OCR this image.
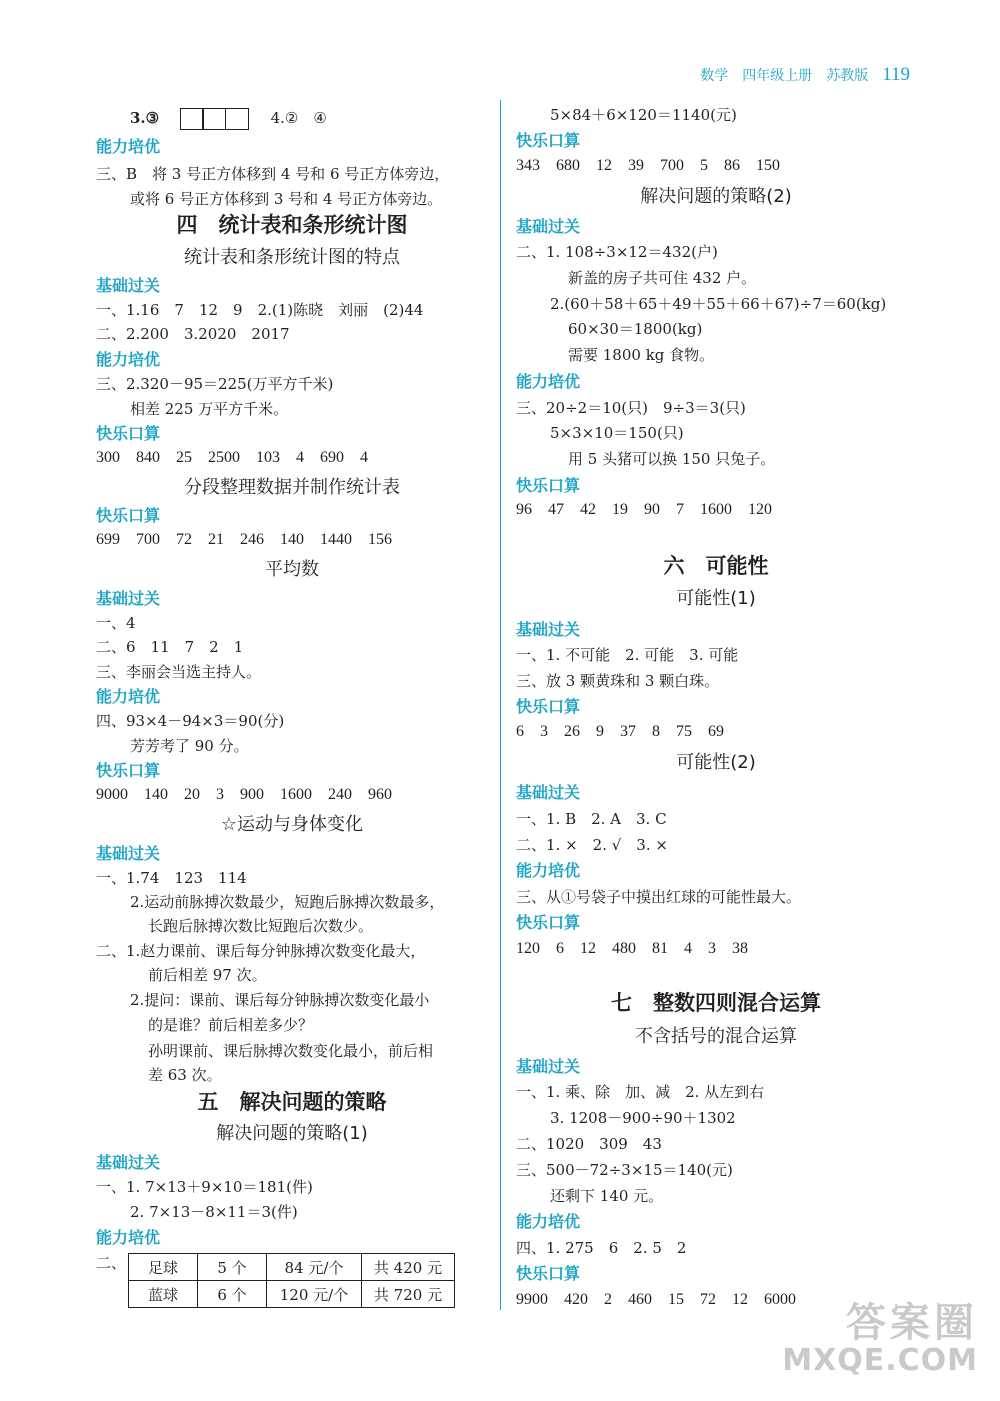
数学 四年级上册 苏教版 119
3.③	4.②　④
能力培优
三、B　将 3 号正方体移到 4 号和 6 号正方体旁边，
或将 6 号正方体移到 3 号和 4 号正方体旁边。
四　统计表和条形统计图
统计表和条形统计图的特点
基础过关
一、1.16　7　12　9　2.(1)陈晓　刘丽　(2)44
二、2.200　3.2020　2017
能力培优
三、2.320－95＝225(万平方千米)
相差 225 万平方千米。
快乐口算
300　840　25　2500　103　4　690　4
分段整理数据并制作统计表
快乐口算
699　700　72　21　246　140　1440　156
平均数
基础过关
一、4
二、6　11　7　2　1
三、李丽会当选主持人。
能力培优
四、93×4－94×3＝90(分)
芳芳考了 90 分。
快乐口算
9000　140　20　3　900　1600　240　960
☆运动与身体变化
基础过关
一、1.74　123　114
2.运动前脉搏次数最少，短跑后脉搏次数最多，
长跑后脉搏次数比短跑后次数少。
二、1.赵力课前、课后每分钟脉搏次数变化最大，
前后相差 97 次。
2.提问：课前、课后每分钟脉搏次数变化最小
的是谁？前后相差多少？
孙明课前、课后脉搏次数变化最小，前后相
差 63 次。
五　解决问题的策略
解决问题的策略(1)
基础过关
一、1. 7×13＋9×10＝181(件)
2. 7×13－8×11＝3(件)
能力培优
二、	足球	5 个	84 元/个	共 420 元
蓝球	6 个	120 元/个	共 720 元
5×84＋6×120＝1140(元)
快乐口算
343　680　12　39　700　5　86　150
解决问题的策略(2)
基础过关
二、1. 108÷3×12＝432(户)
新盖的房子共可住 432 户。
2.(60＋58＋65＋49＋55＋66＋67)÷7＝60(kg)
60×30＝1800(kg)
需要 1800 kg 食物。
能力培优
三、20÷2＝10(只)　9÷3＝3(只)
5×3×10＝150(只)
用 5 头猪可以换 150 只兔子。
快乐口算
96　47　42　19　90　7　1600　120
六　可能性
可能性(1)
基础过关
一、1. 不可能　2. 可能　3. 可能
三、放 3 颗黄珠和 3 颗白珠。
快乐口算
6　3　26　9　37　8　75　69
可能性(2)
基础过关
一、1. B　2. A　3. C
二、1. ×　2. √　3. ×
能力培优
三、从①号袋子中摸出红球的可能性最大。
快乐口算
120　6　12　480　81　4　3　38
七　整数四则混合运算
不含括号的混合运算
基础过关
一、1. 乘、除　加、减　2. 从左到右
3. 1208－900÷90＋1302
二、1020　309　43
三、500－72÷3×15＝140(元)
还剩下 140 元。
能力培优
四、1. 275　6　2. 5　2
快乐口算
9900　420　2　460　15　72　12　6000
答案圈
MXQE.COM
